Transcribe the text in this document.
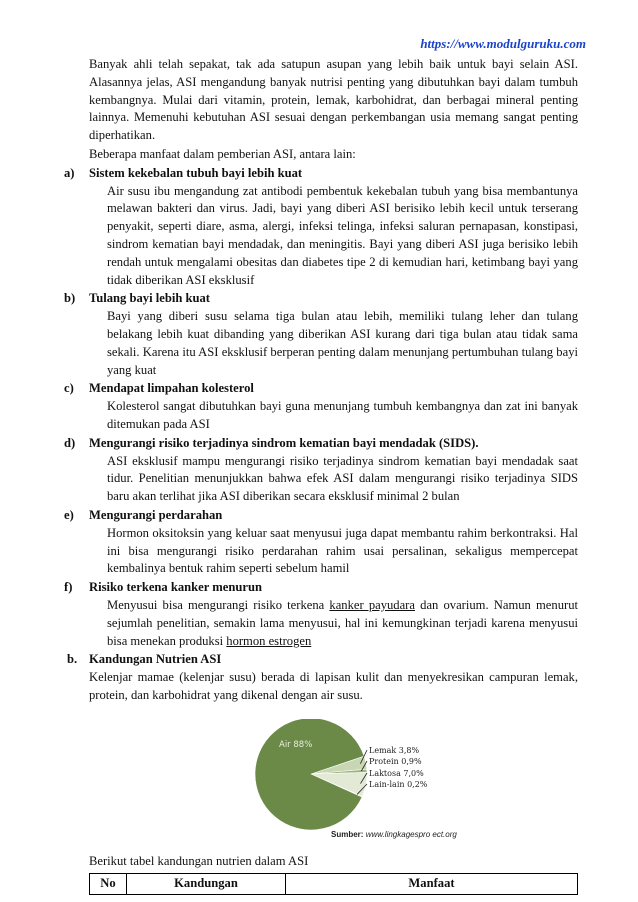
https://www.modulguruku.com

Banyak ahli telah sepakat, tak ada satupun asupan yang lebih baik untuk bayi selain ASI. Alasannya jelas, ASI mengandung banyak nutrisi penting yang dibutuhkan bayi dalam tumbuh kembangnya. Mulai dari vitamin, protein, lemak, karbohidrat, dan berbagai mineral penting lainnya. Memenuhi kebutuhan ASI sesuai dengan perkembangan usia memang sangat penting diperhatikan.

Beberapa manfaat dalam pemberian ASI, antara lain:

a) Sistem kekebalan tubuh bayi lebih kuat

Air susu ibu mengandung zat antibodi pembentuk kekebalan tubuh yang bisa membantunya melawan bakteri dan virus. Jadi, bayi yang diberi ASI berisiko lebih kecil untuk terserang penyakit, seperti diare, asma, alergi, infeksi telinga, infeksi saluran pernapasan, konstipasi, sindrom kematian bayi mendadak, dan meningitis. Bayi yang diberi ASI juga berisiko lebih rendah untuk mengalami obesitas dan diabetes tipe 2 di kemudian hari, ketimbang bayi yang tidak diberikan ASI eksklusif

b) Tulang bayi lebih kuat

Bayi yang diberi susu selama tiga bulan atau lebih, memiliki tulang leher dan tulang belakang lebih kuat dibanding yang diberikan ASI kurang dari tiga bulan atau tidak sama sekali. Karena itu ASI eksklusif berperan penting dalam menunjang pertumbuhan tulang bayi yang kuat

c) Mendapat limpahan kolesterol

Kolesterol sangat dibutuhkan bayi guna menunjang tumbuh kembangnya dan zat ini banyak ditemukan pada ASI

d) Mengurangi risiko terjadinya sindrom kematian bayi mendadak (SIDS).

ASI eksklusif mampu mengurangi risiko terjadinya sindrom kematian bayi mendadak saat tidur. Penelitian menunjukkan bahwa efek ASI dalam mengurangi risiko terjadinya SIDS baru akan terlihat jika ASI diberikan secara eksklusif minimal 2 bulan

e) Mengurangi perdarahan

Hormon oksitoksin yang keluar saat menyusui juga dapat membantu rahim berkontraksi. Hal ini bisa mengurangi risiko perdarahan rahim usai persalinan, sekaligus mempercepat kembalinya bentuk rahim seperti sebelum hamil

f) Risiko terkena kanker menurun

Menyusui bisa mengurangi risiko terkena kanker payudara dan ovarium. Namun menurut sejumlah penelitian, semakin lama menyusui, hal ini kemungkinan terjadi karena menyusui bisa menekan produksi hormon estrogen

b. Kandungan Nutrien ASI

Kelenjar mamae (kelenjar susu) berada di lapisan kulit dan menyekresikan campuran lemak, protein, dan karbohidrat yang dikenal dengan air susu.

Air 88%
Lemak 3,8%
Protein 0,9%
Laktosa 7,0%
Lain-lain 0,2%
Sumber: www.lingkagespro ect.org

Berikut tabel kandungan nutrien dalam ASI

No	Kandungan	Manfaat
